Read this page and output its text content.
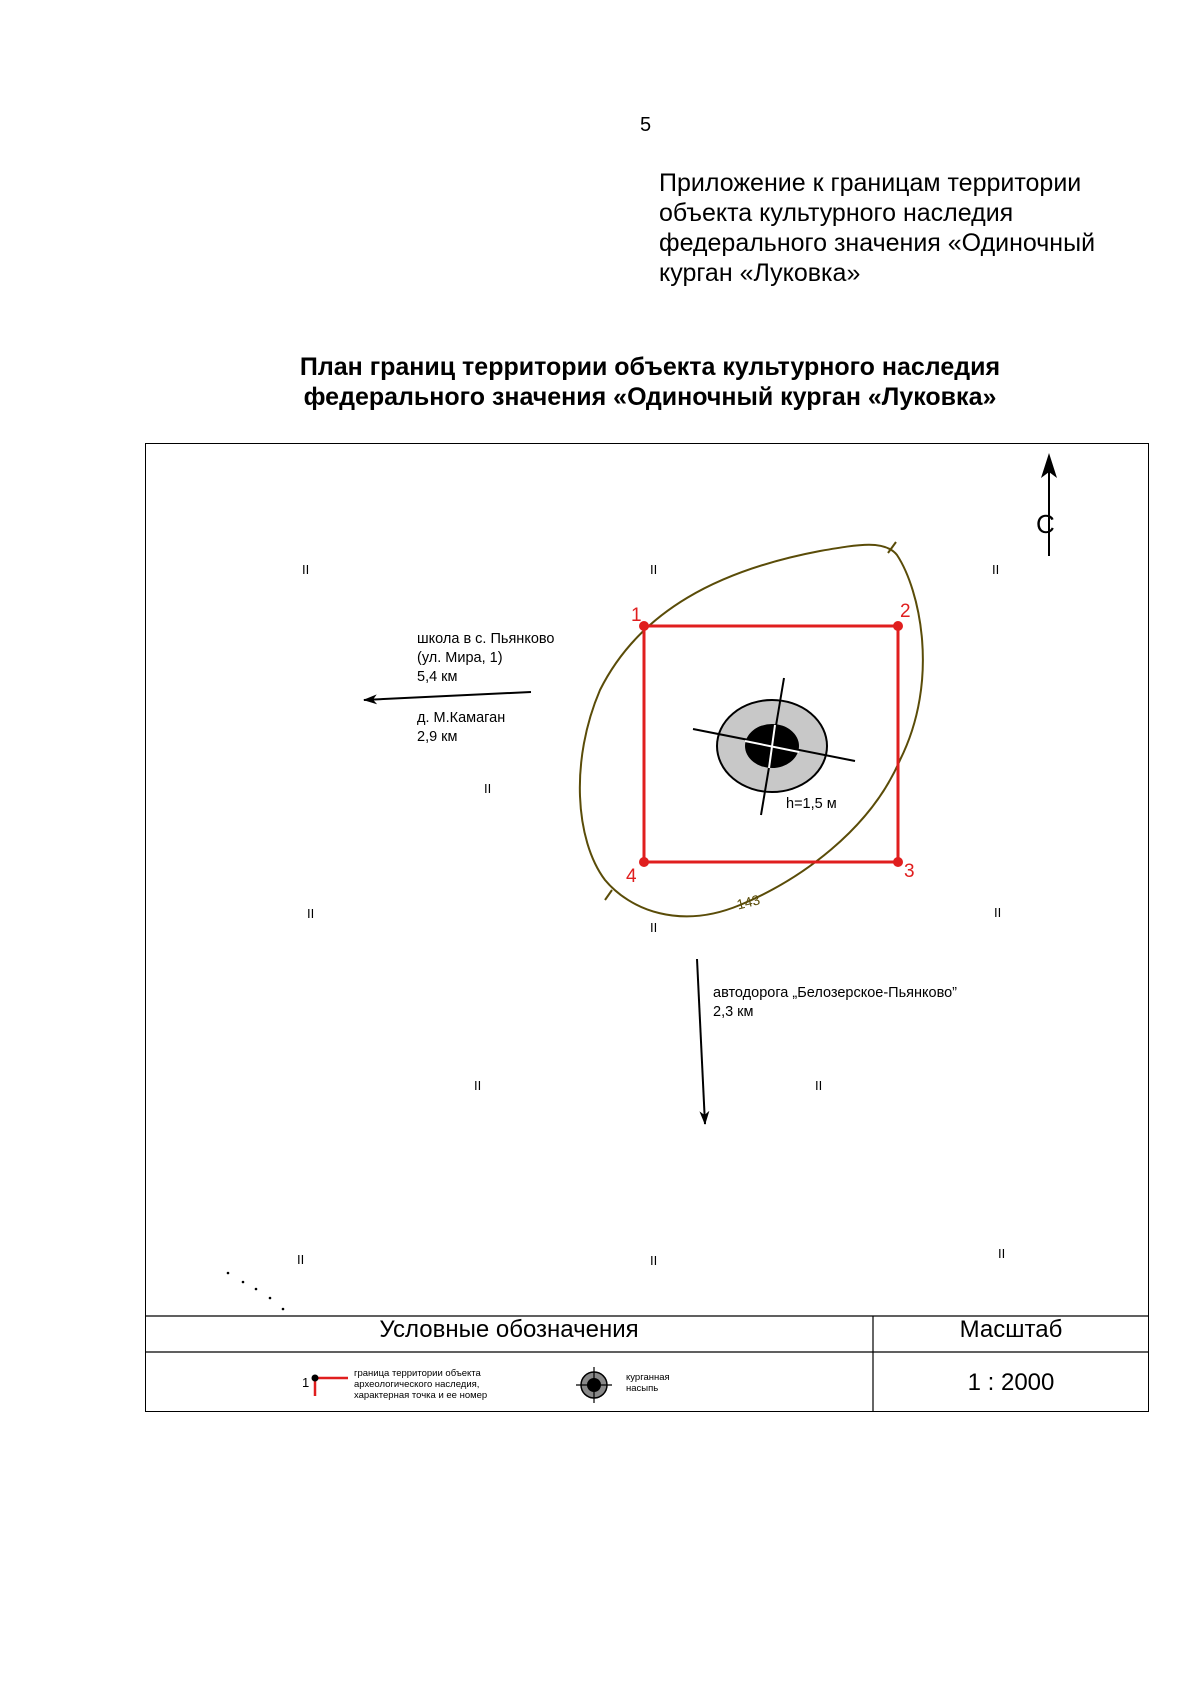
5
Приложение к границам территории
объекта культурного наследия
федерального значения «Одиночный
курган «Луковка»
План границ территории объекта культурного наследия
федерального значения «Одиночный курган «Луковка»
II	II	II
II
II
II
II
II	II
II	II	II
школа в с. Пьянково
(ул. Мира, 1)
5,4 км
д. М.Камаган
2,9 км
автодорога „Белозерское-Пьянково”
2,3 км
h=1,5 м
1	2
3
4
С
143
Условные обозначения	Масштаб
1 : 2000
1
граница территории объекта
археологического наследия,
характерная точка и ее номер
курганная
насыпь
